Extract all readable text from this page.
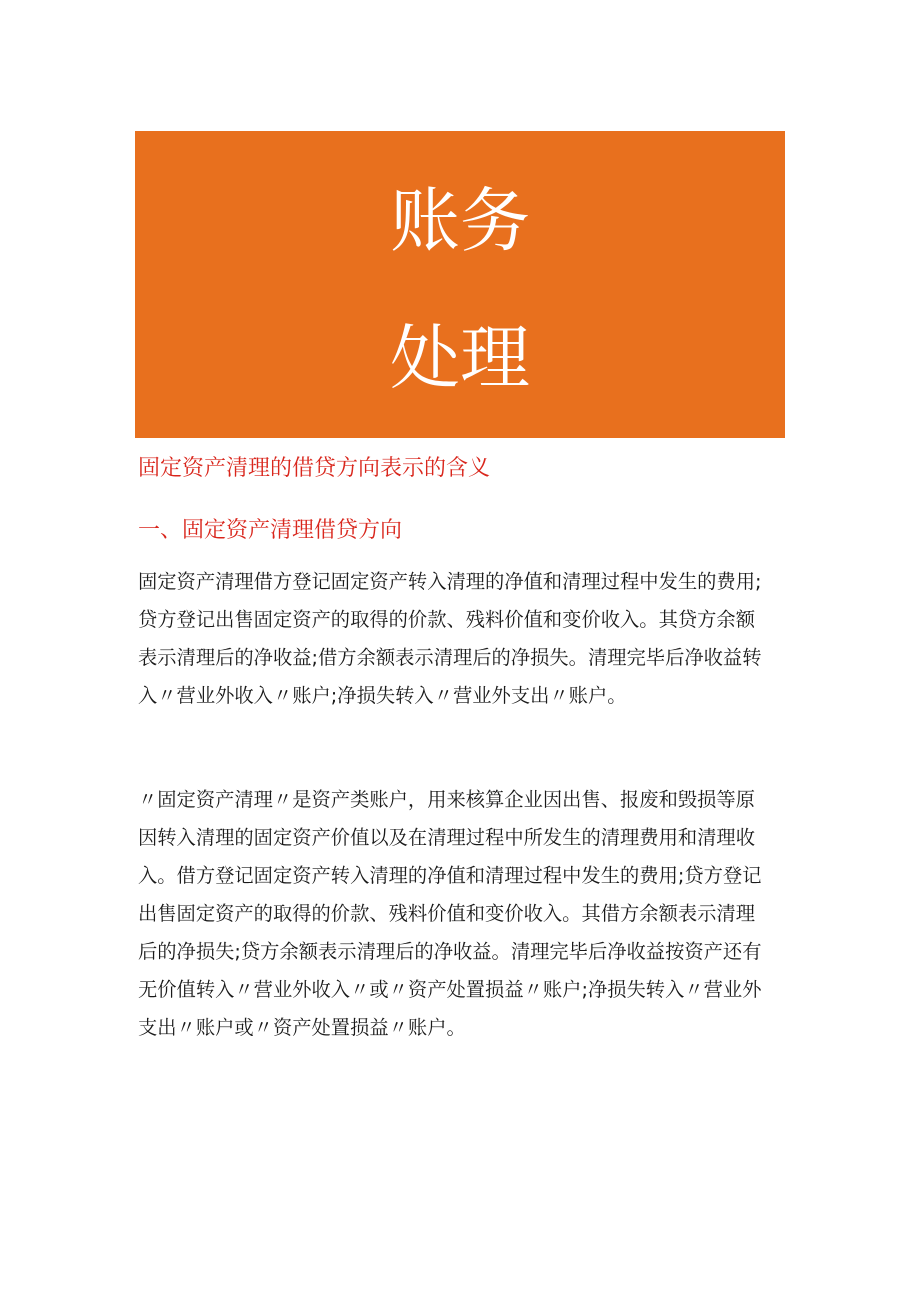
账务
处理
固定资产清理的借贷方向表示的含义
一、固定资产清理借贷方向

固定资产清理借方登记固定资产转入清理的净值和清理过程中发生的费用;
贷方登记出售固定资产的取得的价款、残料价值和变价收入。其贷方余额
表示清理后的净收益;借方余额表示清理后的净损失。清理完毕后净收益转
入〃营业外收入〃账户;净损失转入〃营业外支出〃账户。

〃固定资产清理〃是资产类账户，用来核算企业因出售、报废和毁损等原
因转入清理的固定资产价值以及在清理过程中所发生的清理费用和清理收
入。借方登记固定资产转入清理的净值和清理过程中发生的费用;贷方登记
出售固定资产的取得的价款、残料价值和变价收入。其借方余额表示清理
后的净损失;贷方余额表示清理后的净收益。清理完毕后净收益按资产还有
无价值转入〃营业外收入〃或〃资产处置损益〃账户;净损失转入〃营业外
支出〃账户或〃资产处置损益〃账户。
